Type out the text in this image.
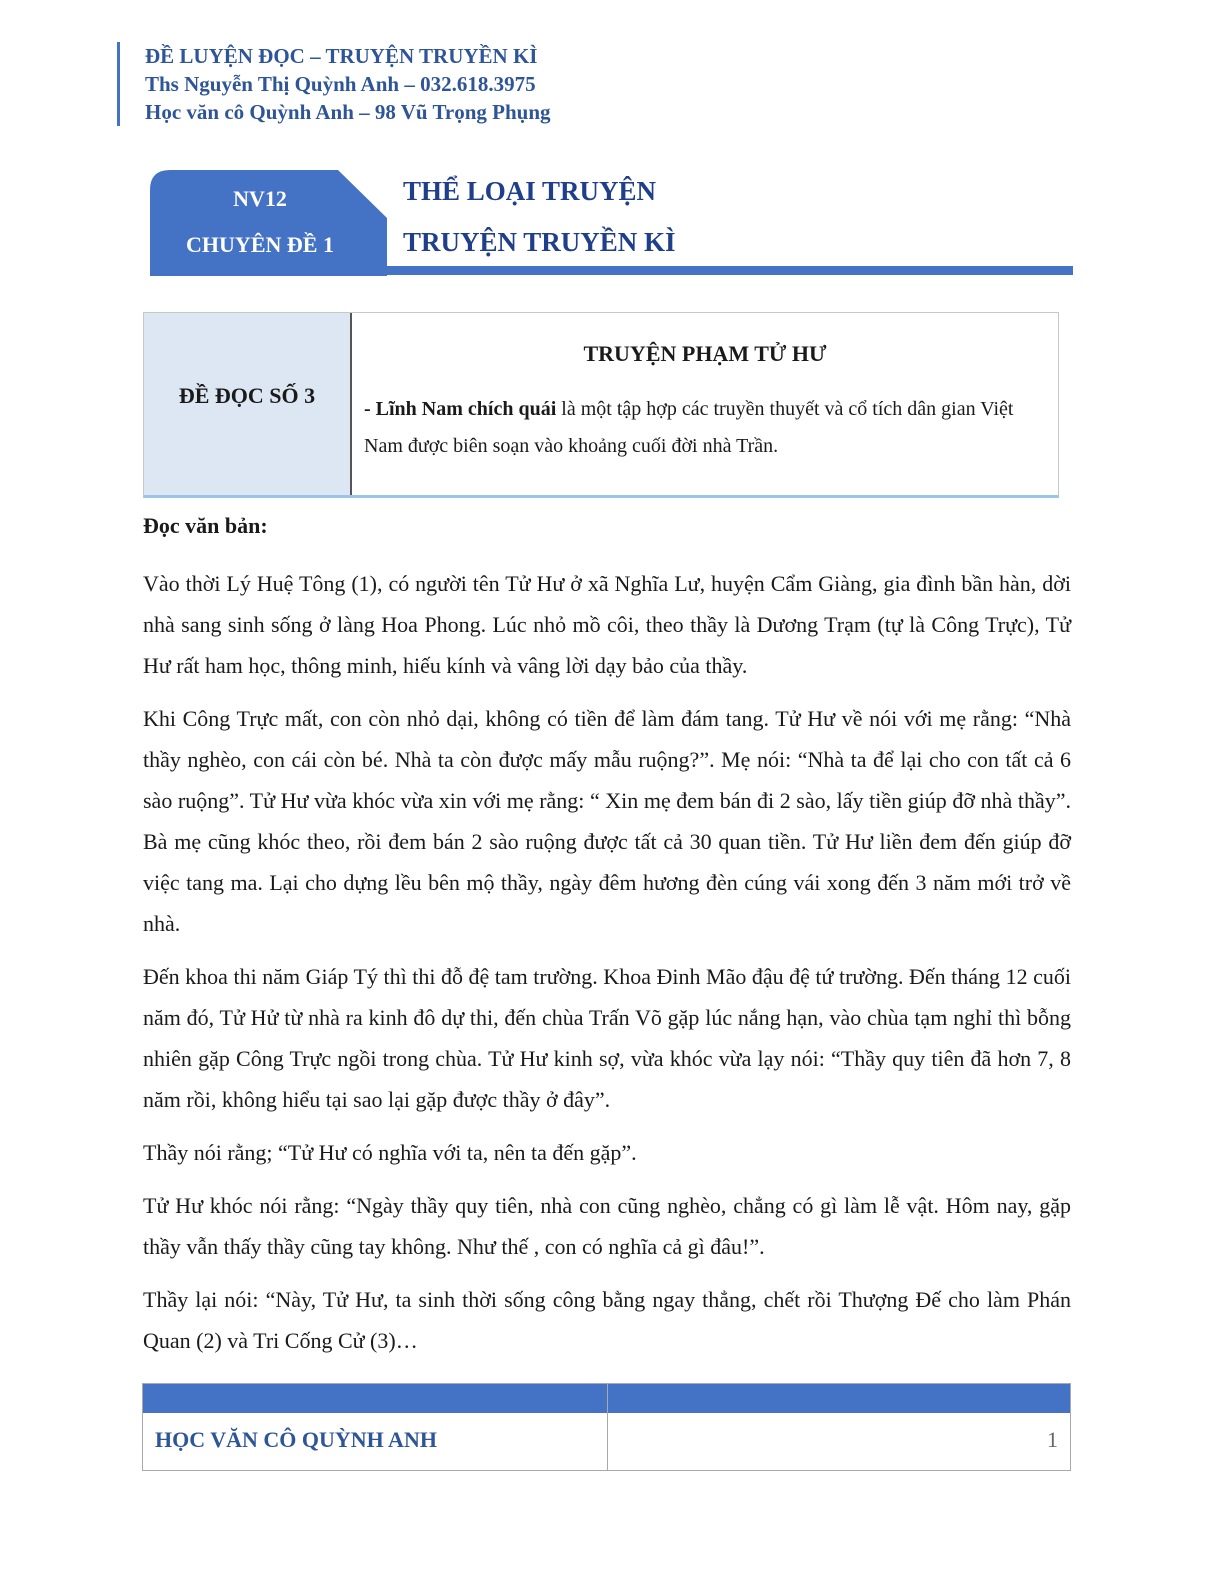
ĐỀ LUYỆN ĐỌC – TRUYỆN TRUYỀN KÌ
Ths Nguyễn Thị Quỳnh Anh – 032.618.3975
Học văn cô Quỳnh Anh – 98 Vũ Trọng Phụng
NV12
CHUYÊN ĐỀ 1
THỂ LOẠI TRUYỆN
TRUYỆN TRUYỀN KÌ
ĐỀ ĐỌC SỐ 3
TRUYỆN PHẠM TỬ HƯ
- Lĩnh Nam chích quái là một tập hợp các truyền thuyết và cổ tích dân gian Việt Nam được biên soạn vào khoảng cuối đời nhà Trần.

Đọc văn bản:

Vào thời Lý Huệ Tông (1), có người tên Tử Hư ở xã Nghĩa Lư, huyện Cẩm Giàng, gia đình bần hàn, dời nhà sang sinh sống ở làng Hoa Phong. Lúc nhỏ mồ côi, theo thầy là Dương Trạm (tự là Công Trực), Tử Hư rất ham học, thông minh, hiếu kính và vâng lời dạy bảo của thầy.

Khi Công Trực mất, con còn nhỏ dại, không có tiền để làm đám tang. Tử Hư về nói với mẹ rằng: “Nhà thầy nghèo, con cái còn bé. Nhà ta còn được mấy mẫu ruộng?”. Mẹ nói: “Nhà ta để lại cho con tất cả 6 sào ruộng”. Tử Hư vừa khóc vừa xin với mẹ rằng: “ Xin mẹ đem bán đi 2 sào, lấy tiền giúp đỡ nhà thầy”. Bà mẹ cũng khóc theo, rồi đem bán 2 sào ruộng được tất cả 30 quan tiền. Tử Hư liền đem đến giúp đỡ việc tang ma. Lại cho dựng lều bên mộ thầy, ngày đêm hương đèn cúng vái xong đến 3 năm mới trở về nhà.

Đến khoa thi năm Giáp Tý thì thi đỗ đệ tam trường. Khoa Đinh Mão đậu đệ tứ trường. Đến tháng 12 cuối năm đó, Tử Hử từ nhà ra kinh đô dự thi, đến chùa Trấn Võ gặp lúc nắng hạn, vào chùa tạm nghỉ thì bỗng nhiên gặp Công Trực ngồi trong chùa. Tử Hư kinh sợ, vừa khóc vừa lạy nói: “Thầy quy tiên đã hơn 7, 8 năm rồi, không hiểu tại sao lại gặp được thầy ở đây”.

Thầy nói rằng; “Tử Hư có nghĩa với ta, nên ta đến gặp”.

Tử Hư khóc nói rằng: “Ngày thầy quy tiên, nhà con cũng nghèo, chẳng có gì làm lễ vật. Hôm nay, gặp thầy vẫn thấy thầy cũng tay không. Như thế , con có nghĩa cả gì đâu!”.

Thầy lại nói: “Này, Tử Hư, ta sinh thời sống công bằng ngay thẳng, chết rồi Thượng Đế cho làm Phán Quan (2) và Tri Cống Cử (3)…

HỌC VĂN CÔ QUỲNH ANH	1
